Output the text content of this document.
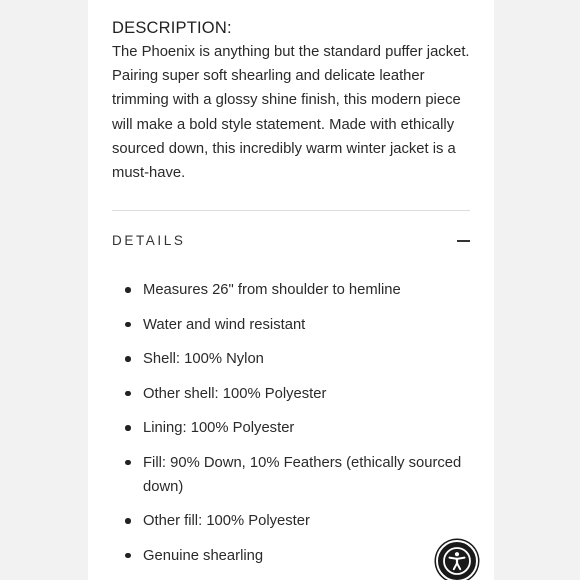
DESCRIPTION:
The Phoenix is anything but the standard puffer jacket. Pairing super soft shearling and delicate leather trimming with a glossy shine finish, this modern piece will make a bold style statement. Made with ethically sourced down, this incredibly warm winter jacket is a must-have.
DETAILS
Measures 26" from shoulder to hemline
Water and wind resistant
Shell: 100% Nylon
Other shell: 100% Polyester
Lining: 100% Polyester
Fill: 90% Down, 10% Feathers (ethically sourced down)
Other fill: 100% Polyester
Genuine shearling
